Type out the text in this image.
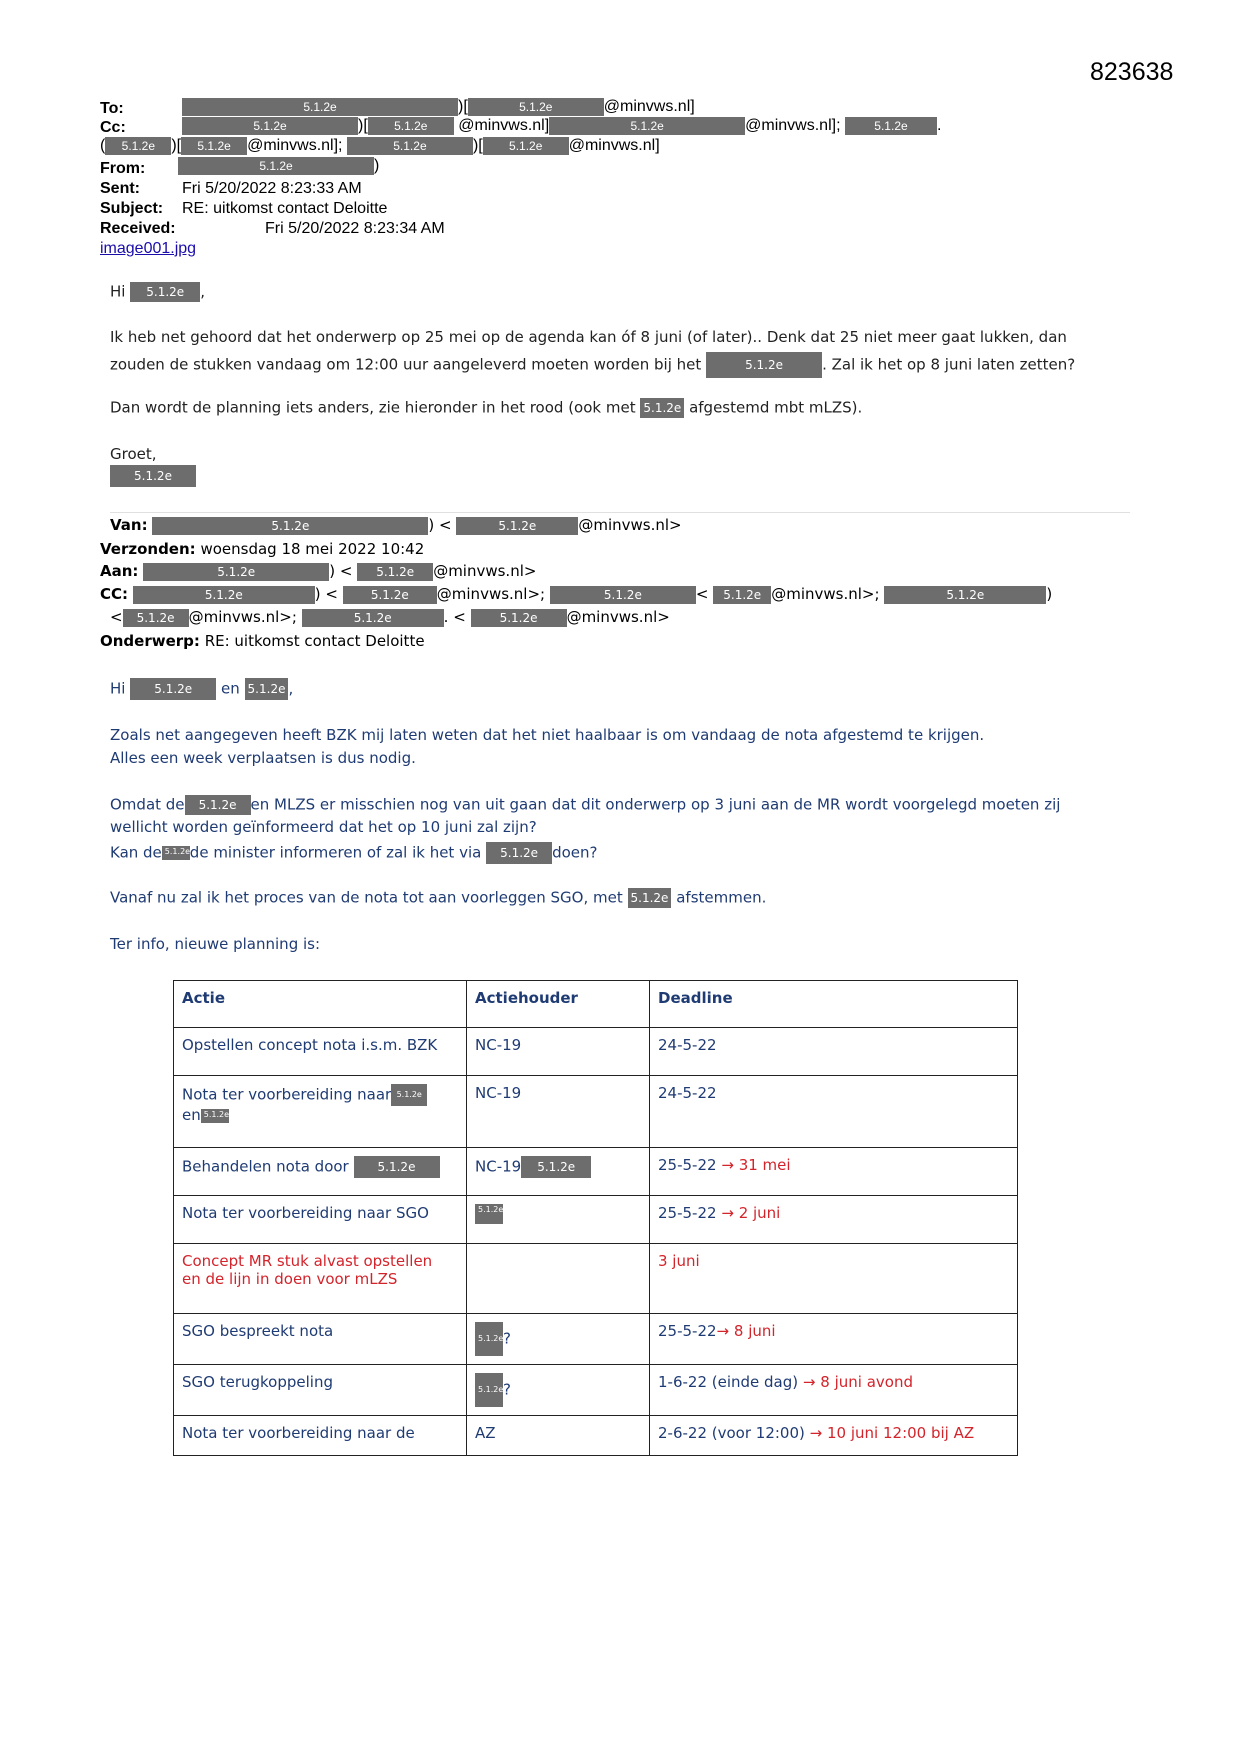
823638
To:	5.1.2e	)[	5.1.2e	@minvws.nl]
Cc:	5.1.2e	)[ 5.1.2e @minvws.nl]	5.1.2e	@minvws.nl];	5.1.2e .
( 5.1.2e )[ 5.1.2e @minvws.nl];	5.1.2e	)[ 5.1.2e @minvws.nl]
From:	5.1.2e	)
Sent:	Fri 5/20/2022 8:23:33 AM
Subject: RE: uitkomst contact Deloitte
Received:	Fri 5/20/2022 8:23:34 AM
image001.jpg
Hi 5.1.2e ,
Ik heb net gehoord dat het onderwerp op 25 mei op de agenda kan óf 8 juni (of later).. Denk dat 25 niet meer gaat lukken, dan
zouden de stukken vandaag om 12:00 uur aangeleverd moeten worden bij het	5.1.2e	. Zal ik het op 8 juni laten zetten?
Dan wordt de planning iets anders, zie hieronder in het rood (ook met 5.1.2e afgestemd mbt mLZS).
Groet,
5.1.2e
Van:	5.1.2e	) <	5.1.2e	@minvws.nl>
Verzonden: woensdag 18 mei 2022 10:42
Aan:	5.1.2e	) < 5.1.2e @minvws.nl>
CC:	5.1.2e	) <	5.1.2e @minvws.nl>;	5.1.2e	< 5.1.2e @minvws.nl>;	5.1.2e	)
< 5.1.2e @minvws.nl>;	5.1.2e	. <	5.1.2e @minvws.nl>
Onderwerp: RE: uitkomst contact Deloitte
Hi 5.1.2e en 5.1.2e ,
Zoals net aangegeven heeft BZK mij laten weten dat het niet haalbaar is om vandaag de nota afgestemd te krijgen.
Alles een week verplaatsen is dus nodig.
Omdat de 5.1.2e en MLZS er misschien nog van uit gaan dat dit onderwerp op 3 juni aan de MR wordt voorgelegd moeten zij
wellicht worden geïnformeerd dat het op 10 juni zal zijn?
Kan de 5.1.2ede minister informeren of zal ik het via 5.1.2e doen?
Vanaf nu zal ik het proces van de nota tot aan voorleggen SGO, met 5.1.2e afstemmen.
Ter info, nieuwe planning is:
Actie	Actiehouder	Deadline
Opstellen concept nota i.s.m. BZK	NC-19	24-5-22
Nota ter voorbereiding naar 5.1.2e
en 5.1.2e	NC-19	24-5-22
Behandelen nota door 5.1.2e	NC-19 5.1.2e	25-5-22 → 31 mei
Nota ter voorbereiding naar SGO	5.1.2e	25-5-22 → 2 juni
Concept MR stuk alvast opstellen
en de lijn in doen voor mLZS		3 juni
SGO bespreekt nota	5.1.2e?	25-5-22→ 8 juni
SGO terugkoppeling	5.1.2e?	1-6-22 (einde dag) → 8 juni avond
Nota ter voorbereiding naar de	AZ	2-6-22 (voor 12:00) → 10 juni 12:00 bij AZ
